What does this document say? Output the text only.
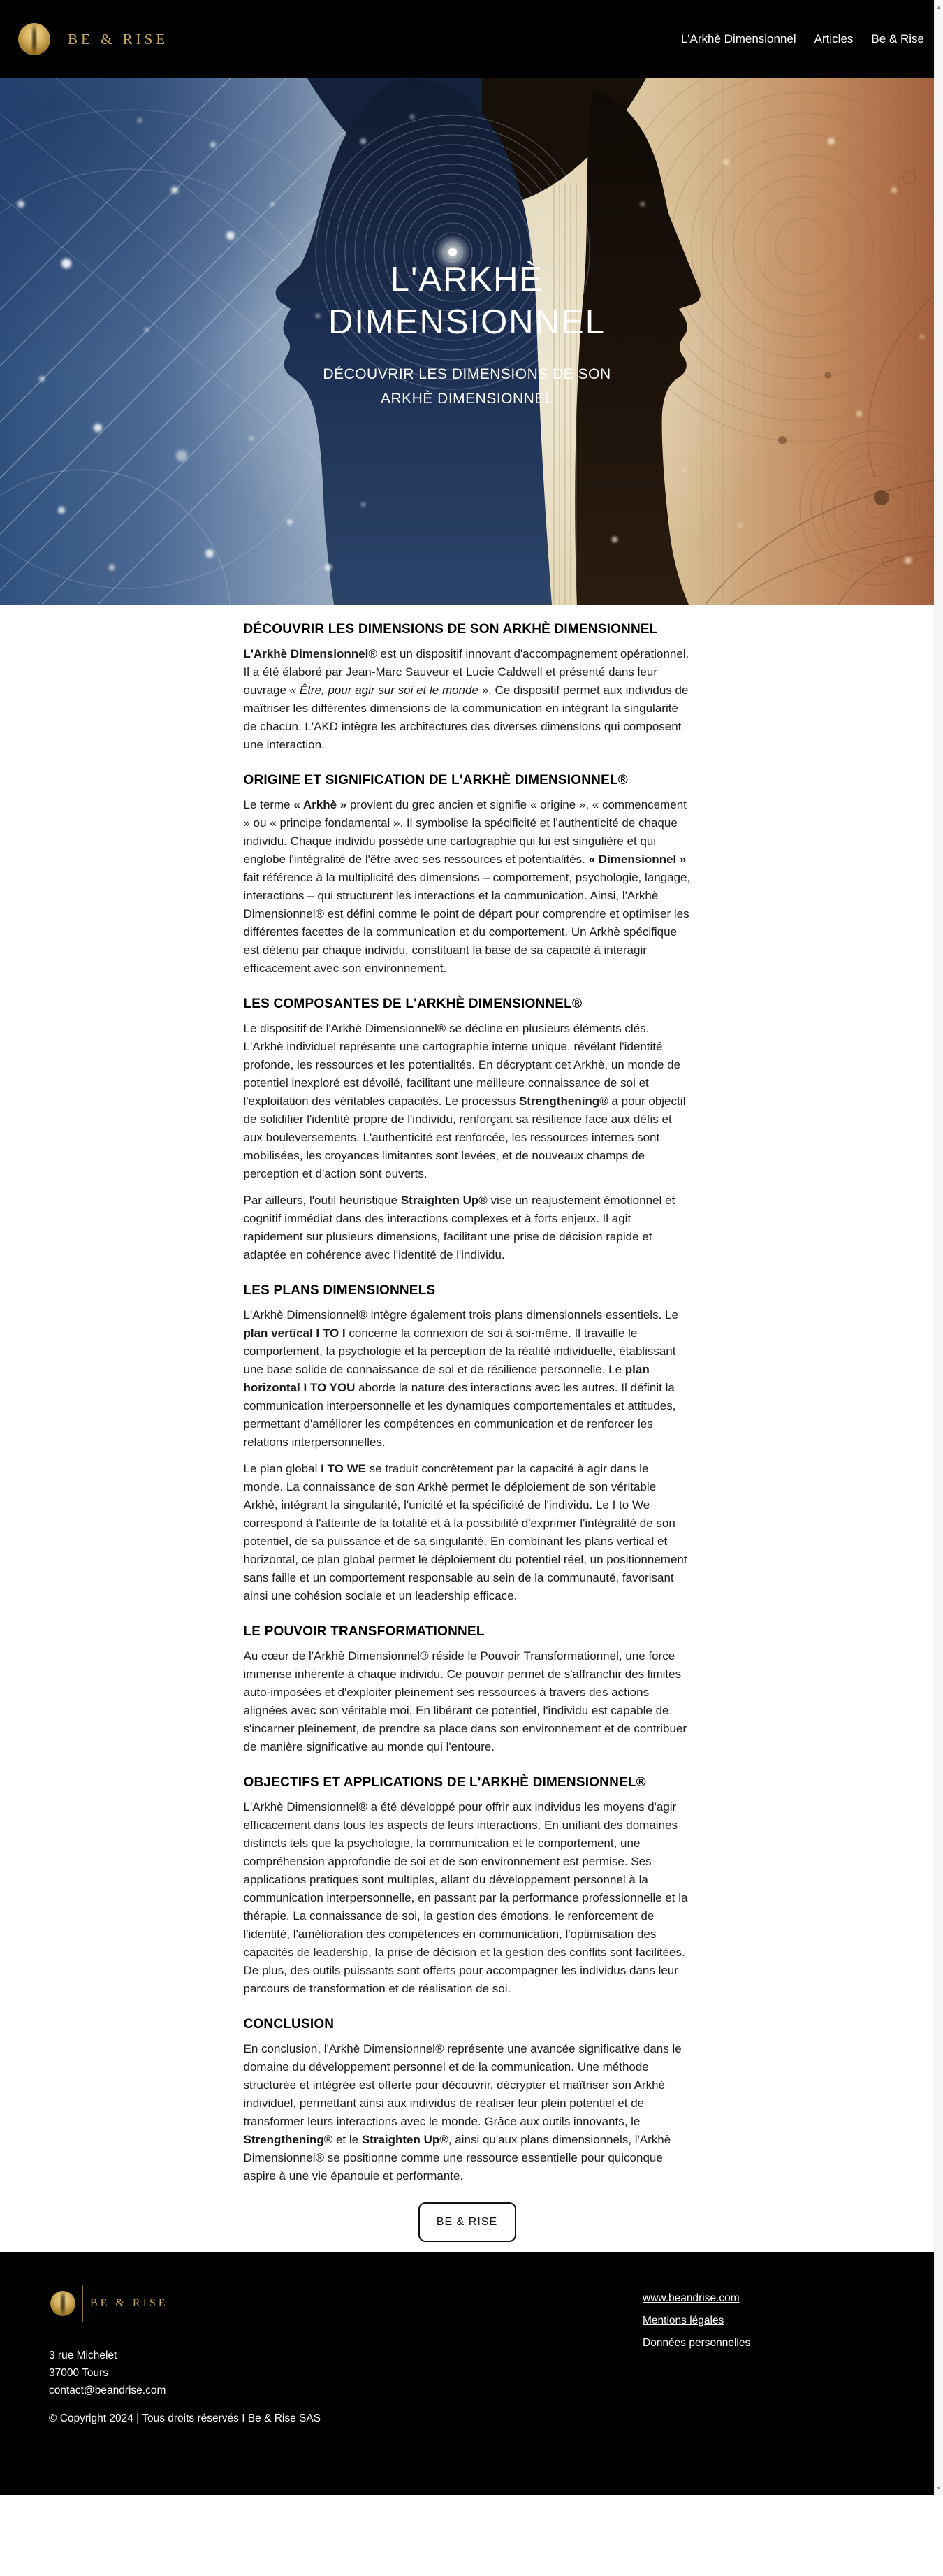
BE & RISE	L'Arkhè Dimensionnel Articles Be & Rise
L'ARKHÈ
DIMENSIONNEL

DÉCOUVRIR LES DIMENSIONS DE SON ARKHÈ DIMENSIONNEL

DÉCOUVRIR LES DIMENSIONS DE SON ARKHÈ DIMENSIONNEL

L'Arkhè Dimensionnel® est un dispositif innovant d'accompagnement opérationnel. Il a été élaboré par Jean-Marc Sauveur et Lucie Caldwell et présenté dans leur ouvrage « Être, pour agir sur soi et le monde ». Ce dispositif permet aux individus de maîtriser les différentes dimensions de la communication en intégrant la singularité de chacun. L'AKD intègre les architectures des diverses dimensions qui composent une interaction.

ORIGINE ET SIGNIFICATION DE L'ARKHÈ DIMENSIONNEL®

Le terme « Arkhè » provient du grec ancien et signifie « origine », « commencement » ou « principe fondamental ». Il symbolise la spécificité et l'authenticité de chaque individu. Chaque individu possède une cartographie qui lui est singulière et qui englobe l'intégralité de l'être avec ses ressources et potentialités. « Dimensionnel » fait référence à la multiplicité des dimensions – comportement, psychologie, langage, interactions – qui structurent les interactions et la communication. Ainsi, l'Arkhè Dimensionnel® est défini comme le point de départ pour comprendre et optimiser les différentes facettes de la communication et du comportement. Un Arkhè spécifique est détenu par chaque individu, constituant la base de sa capacité à interagir efficacement avec son environnement.

LES COMPOSANTES DE L'ARKHÈ DIMENSIONNEL®

Le dispositif de l'Arkhè Dimensionnel® se décline en plusieurs éléments clés. L'Arkhè individuel représente une cartographie interne unique, révélant l'identité profonde, les ressources et les potentialités. En décryptant cet Arkhè, un monde de potentiel inexploré est dévoilé, facilitant une meilleure connaissance de soi et l'exploitation des véritables capacités. Le processus Strengthening® a pour objectif de solidifier l'identité propre de l'individu, renforçant sa résilience face aux défis et aux bouleversements. L'authenticité est renforcée, les ressources internes sont mobilisées, les croyances limitantes sont levées, et de nouveaux champs de perception et d'action sont ouverts.

Par ailleurs, l'outil heuristique Straighten Up® vise un réajustement émotionnel et cognitif immédiat dans des interactions complexes et à forts enjeux. Il agit rapidement sur plusieurs dimensions, facilitant une prise de décision rapide et adaptée en cohérence avec l'identité de l'individu.

LES PLANS DIMENSIONNELS

L'Arkhè Dimensionnel® intègre également trois plans dimensionnels essentiels. Le plan vertical I TO I concerne la connexion de soi à soi-même. Il travaille le comportement, la psychologie et la perception de la réalité individuelle, établissant une base solide de connaissance de soi et de résilience personnelle. Le plan horizontal I TO YOU aborde la nature des interactions avec les autres. Il définit la communication interpersonnelle et les dynamiques comportementales et attitudes, permettant d'améliorer les compétences en communication et de renforcer les relations interpersonnelles.

Le plan global I TO WE se traduit concrètement par la capacité à agir dans le monde. La connaissance de son Arkhè permet le déploiement de son véritable Arkhè, intégrant la singularité, l'unicité et la spécificité de l'individu. Le I to We correspond à l'atteinte de la totalité et à la possibilité d'exprimer l'intégralité de son potentiel, de sa puissance et de sa singularité. En combinant les plans vertical et horizontal, ce plan global permet le déploiement du potentiel réel, un positionnement sans faille et un comportement responsable au sein de la communauté, favorisant ainsi une cohésion sociale et un leadership efficace.

LE POUVOIR TRANSFORMATIONNEL

Au cœur de l'Arkhè Dimensionnel® réside le Pouvoir Transformationnel, une force immense inhérente à chaque individu. Ce pouvoir permet de s'affranchir des limites auto-imposées et d'exploiter pleinement ses ressources à travers des actions alignées avec son véritable moi. En libérant ce potentiel, l'individu est capable de s'incarner pleinement, de prendre sa place dans son environnement et de contribuer de manière significative au monde qui l'entoure.

OBJECTIFS ET APPLICATIONS DE L'ARKHÈ DIMENSIONNEL®

L'Arkhè Dimensionnel® a été développé pour offrir aux individus les moyens d'agir efficacement dans tous les aspects de leurs interactions. En unifiant des domaines distincts tels que la psychologie, la communication et le comportement, une compréhension approfondie de soi et de son environnement est permise. Ses applications pratiques sont multiples, allant du développement personnel à la communication interpersonnelle, en passant par la performance professionnelle et la thérapie. La connaissance de soi, la gestion des émotions, le renforcement de l'identité, l'amélioration des compétences en communication, l'optimisation des capacités de leadership, la prise de décision et la gestion des conflits sont facilitées. De plus, des outils puissants sont offerts pour accompagner les individus dans leur parcours de transformation et de réalisation de soi.

CONCLUSION

En conclusion, l'Arkhè Dimensionnel® représente une avancée significative dans le domaine du développement personnel et de la communication. Une méthode structurée et intégrée est offerte pour découvrir, décrypter et maîtriser son Arkhè individuel, permettant ainsi aux individus de réaliser leur plein potentiel et de transformer leurs interactions avec le monde. Grâce aux outils innovants, le Strengthening® et le Straighten Up®, ainsi qu'aux plans dimensionnels, l'Arkhè Dimensionnel® se positionne comme une ressource essentielle pour quiconque aspire à une vie épanouie et performante.

BE & RISE
BE & RISE	www.beandrise.com
Mentions légales
Données personnelles
3 rue Michelet
37000 Tours
contact@beandrise.com
© Copyright 2024 | Tous droits réservés I Be & Rise SAS
▲
▼
